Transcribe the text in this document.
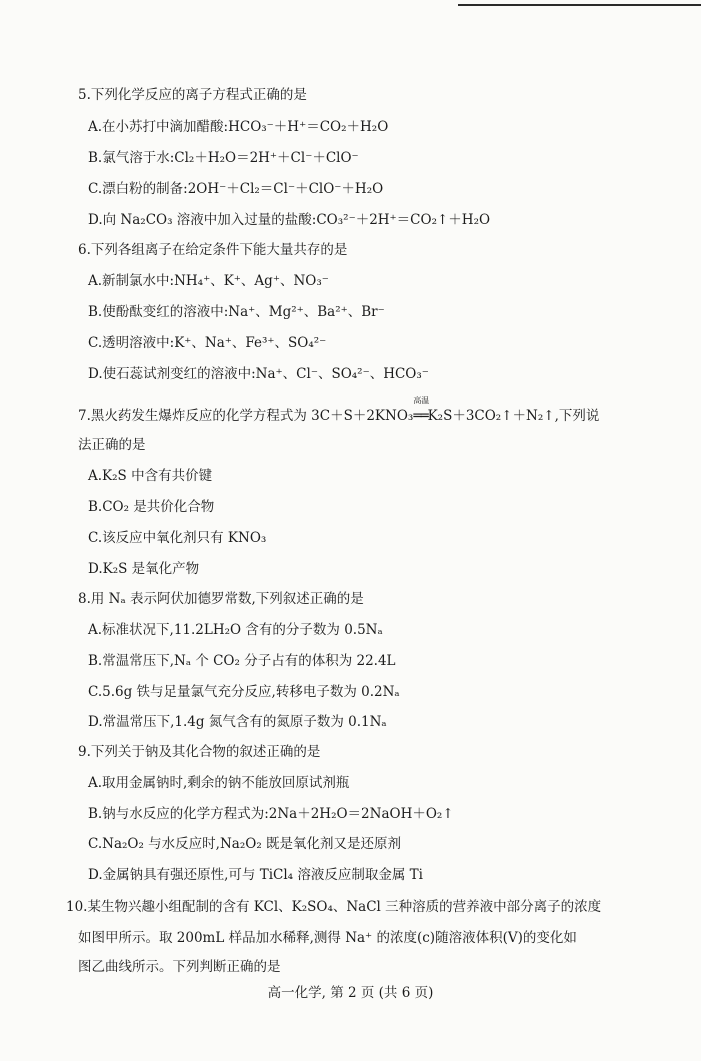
5.下列化学反应的离子方程式正确的是
A.在小苏打中滴加醋酸:HCO₃⁻＋H⁺＝CO₂＋H₂O
B.氯气溶于水:Cl₂＋H₂O＝2H⁺＋Cl⁻＋ClO⁻
C.漂白粉的制备:2OH⁻＋Cl₂＝Cl⁻＋ClO⁻＋H₂O
D.向 Na₂CO₃ 溶液中加入过量的盐酸:CO₃²⁻＋2H⁺＝CO₂↑＋H₂O
6.下列各组离子在给定条件下能大量共存的是
A.新制氯水中:NH₄⁺、K⁺、Ag⁺、NO₃⁻
B.使酚酞变红的溶液中:Na⁺、Mg²⁺、Ba²⁺、Br⁻
C.透明溶液中:K⁺、Na⁺、Fe³⁺、SO₄²⁻
D.使石蕊试剂变红的溶液中:Na⁺、Cl⁻、SO₄²⁻、HCO₃⁻
7.黑火药发生爆炸反应的化学方程式为 3C＋S＋2KNO₃
高温
══K₂S＋3CO₂↑＋N₂↑,下列说
法正确的是
A.K₂S 中含有共价键
B.CO₂ 是共价化合物
C.该反应中氧化剂只有 KNO₃
D.K₂S 是氧化产物
8.用 Nₐ 表示阿伏加德罗常数,下列叙述正确的是
A.标准状况下,11.2LH₂O 含有的分子数为 0.5Nₐ
B.常温常压下,Nₐ 个 CO₂ 分子占有的体积为 22.4L
C.5.6g 铁与足量氯气充分反应,转移电子数为 0.2Nₐ
D.常温常压下,1.4g 氮气含有的氮原子数为 0.1Nₐ
9.下列关于钠及其化合物的叙述正确的是
A.取用金属钠时,剩余的钠不能放回原试剂瓶
B.钠与水反应的化学方程式为:2Na＋2H₂O＝2NaOH＋O₂↑
C.Na₂O₂ 与水反应时,Na₂O₂ 既是氧化剂又是还原剂
D.金属钠具有强还原性,可与 TiCl₄ 溶液反应制取金属 Ti
10.某生物兴趣小组配制的含有 KCl、K₂SO₄、NaCl 三种溶质的营养液中部分离子的浓度
如图甲所示。取 200mL 样品加水稀释,测得 Na⁺ 的浓度(c)随溶液体积(V)的变化如
图乙曲线所示。下列判断正确的是
高一化学, 第 2 页 (共 6 页)
